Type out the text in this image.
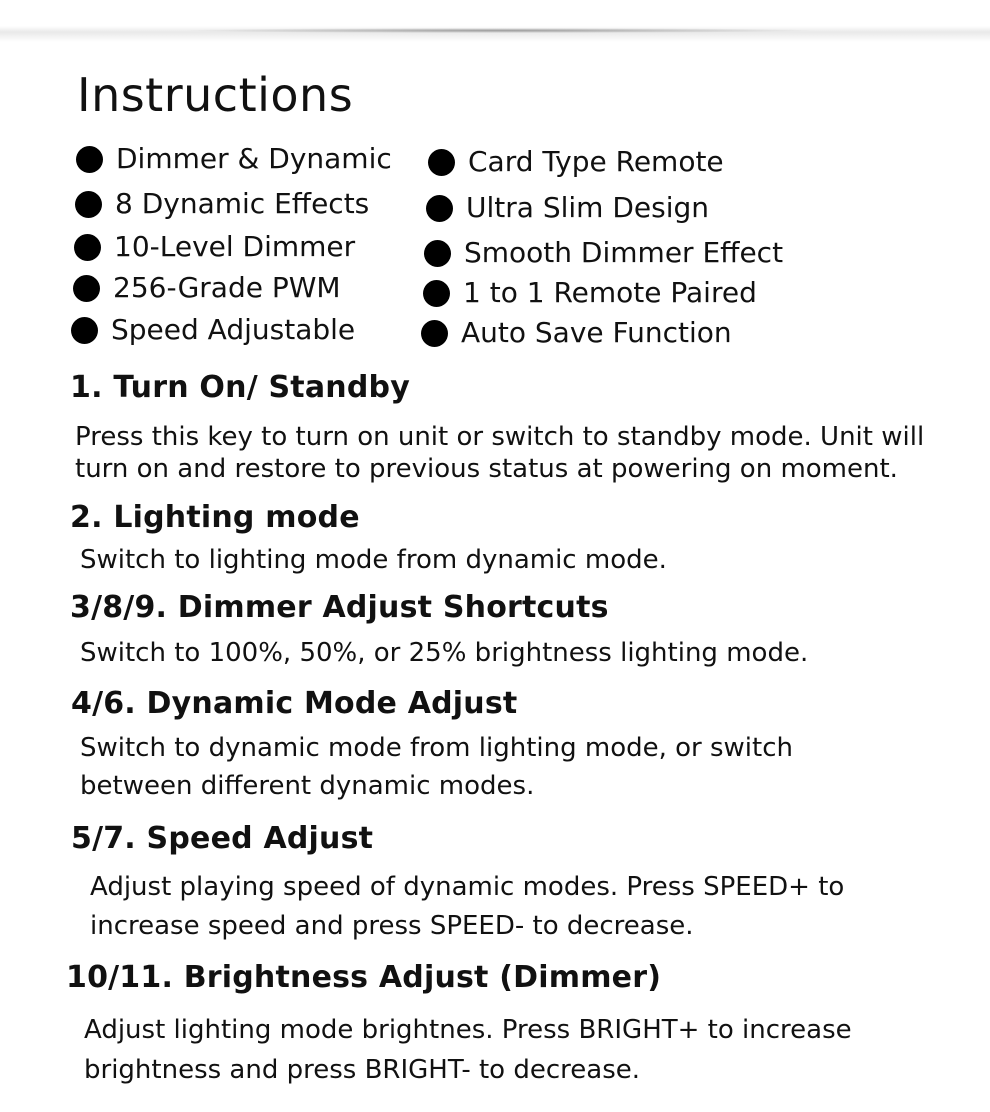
Instructions
Dimmer & Dynamic
8 Dynamic Effects
10-Level Dimmer
256-Grade PWM
Speed Adjustable
Card Type Remote
Ultra Slim Design
Smooth Dimmer Effect
1 to 1 Remote Paired
Auto Save Function
1. Turn On/ Standby

Press this key to turn on unit or switch to standby mode. Unit will

turn on and restore to previous status at powering on moment.

2. Lighting mode

Switch to lighting mode from dynamic mode.

3/8/9. Dimmer Adjust Shortcuts

Switch to 100%, 50%, or 25% brightness lighting mode.

4/6. Dynamic Mode Adjust

Switch to dynamic mode from lighting mode, or switch

between different dynamic modes.

5/7. Speed Adjust

Adjust playing speed of dynamic modes. Press SPEED+ to

increase speed and press SPEED- to decrease.

10/11. Brightness Adjust (Dimmer)

Adjust lighting mode brightnes. Press BRIGHT+ to increase

brightness and press BRIGHT- to decrease.
